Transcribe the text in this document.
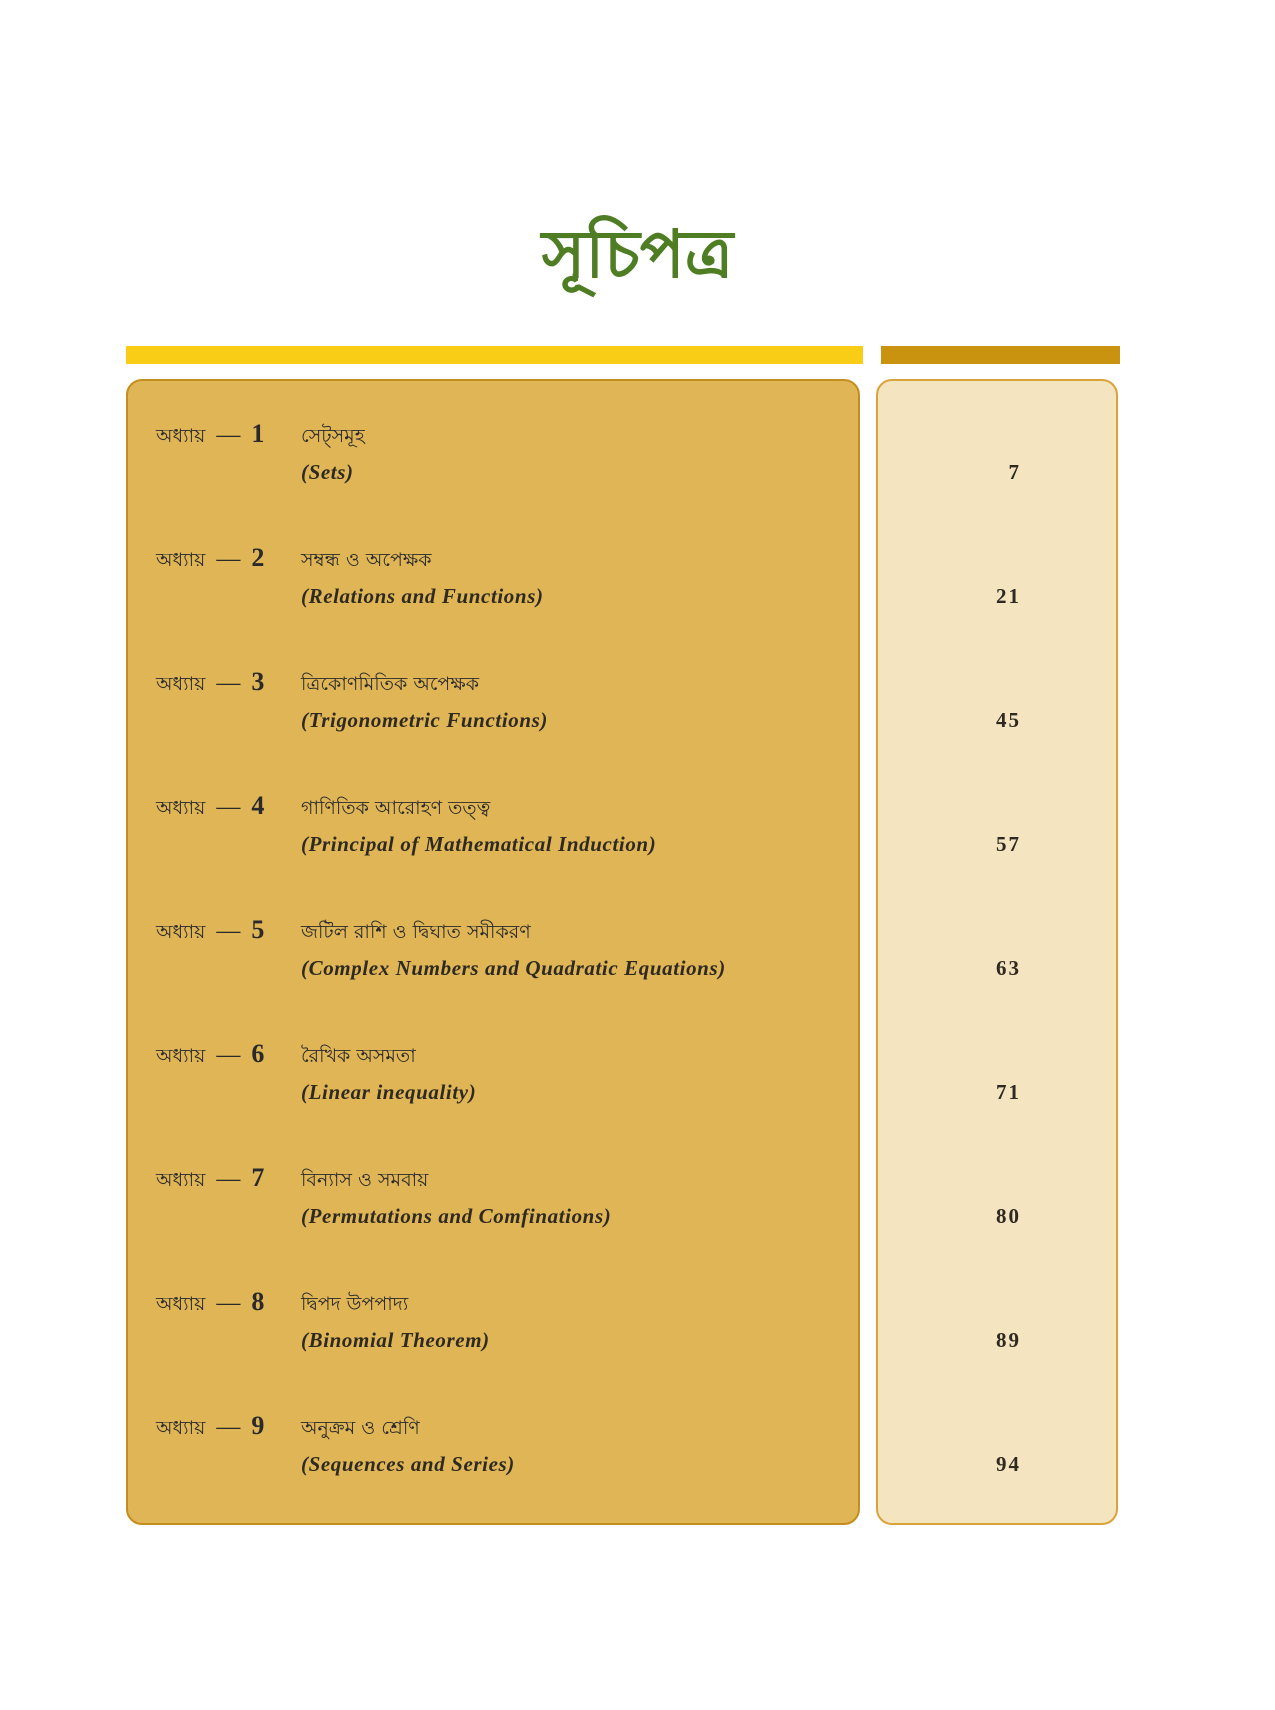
সূচিপত্র
অধ্যায় — 1 সেট্সমূহ
(Sets)	7
অধ্যায় — 2 সম্বন্ধ ও অপেক্ষক
(Relations and Functions)	21
অধ্যায় — 3 ত্রিকোণমিতিক অপেক্ষক
(Trigonometric Functions)	45
অধ্যায় — 4 গাণিতিক আরোহণ তত্ত্ব
(Principal of Mathematical Induction)	57
অধ্যায় — 5 জটিল রাশি ও দ্বিঘাত সমীকরণ
(Complex Numbers and Quadratic Equations)	63
অধ্যায় — 6 রৈখিক অসমতা
(Linear inequality)	71
অধ্যায় — 7 বিন্যাস ও সমবায়
(Permutations and Comfinations)	80
অধ্যায় — 8 দ্বিপদ উপপাদ্য
(Binomial Theorem)	89
অধ্যায় — 9 অনুক্রম ও শ্রেণি
(Sequences and Series)	94
